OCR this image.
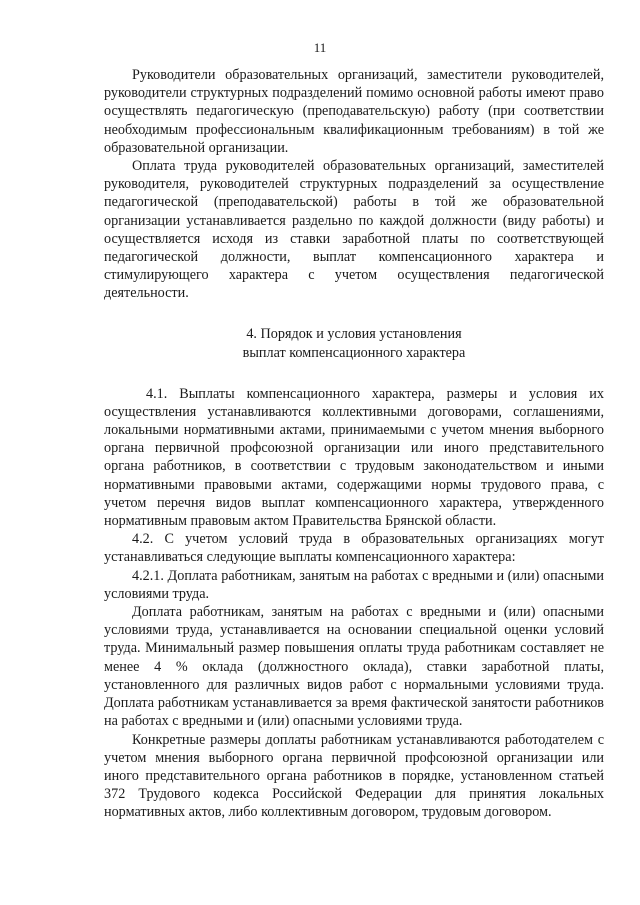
11

Руководители образовательных организаций, заместители руководителей, руководители структурных подразделений помимо основной работы имеют право осуществлять педагогическую (преподавательскую) работу (при соответствии необходимым профессиональным квалификационным требованиям) в той же образовательной организации.

Оплата труда руководителей образовательных организаций, заместителей руководителя, руководителей структурных подразделений за осуществление педагогической (преподавательской) работы в той же образовательной организации устанавливается раздельно по каждой должности (виду работы) и осуществляется исходя из ставки заработной платы по соответствующей педагогической должности, выплат компенсационного характера и стимулирующего характера с учетом осуществления педагогической деятельности.

4. Порядок и условия установления
выплат компенсационного характера

4.1. Выплаты компенсационного характера, размеры и условия их осуществления устанавливаются коллективными договорами, соглашениями, локальными нормативными актами, принимаемыми с учетом мнения выборного органа первичной профсоюзной организации или иного представительного органа работников, в соответствии с трудовым законодательством и иными нормативными правовыми актами, содержащими нормы трудового права, с учетом перечня видов выплат компенсационного характера, утвержденного нормативным правовым актом Правительства Брянской области.

4.2. С учетом условий труда в образовательных организациях могут устанавливаться следующие выплаты компенсационного характера:

4.2.1. Доплата работникам, занятым на работах с вредными и (или) опасными условиями труда.

Доплата работникам, занятым на работах с вредными и (или) опасными условиями труда, устанавливается на основании специальной оценки условий труда. Минимальный размер повышения оплаты труда работникам составляет не менее 4 % оклада (должностного оклада), ставки заработной платы, установленного для различных видов работ с нормальными условиями труда. Доплата работникам устанавливается за время фактической занятости работников на работах с вредными и (или) опасными условиями труда.

Конкретные размеры доплаты работникам устанавливаются работодателем с учетом мнения выборного органа первичной профсоюзной организации или иного представительного органа работников в порядке, установленном статьей 372 Трудового кодекса Российской Федерации для принятия локальных нормативных актов, либо коллективным договором, трудовым договором.
